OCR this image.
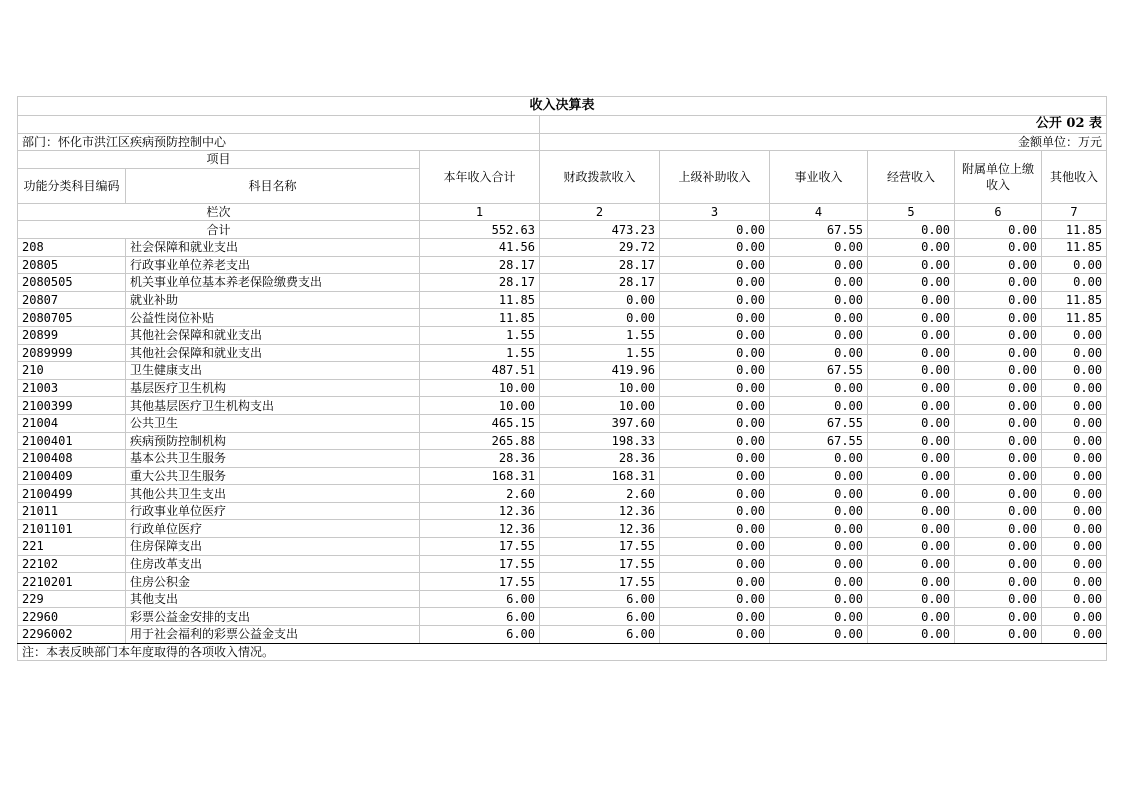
收入决算表								
			公开 02 表					
部门：怀化市洪江区疾病预防控制中心			金额单位：万元					
项目		本年收入合计	财政拨款收入	上级补助收入	事业收入	经营收入	附属单位上缴收入	其他收入
功能分类科目编码	科目名称							
栏次		1	2	3	4	5	6	7
合计		552.63	473.23	0.00	67.55	0.00	0.00	11.85
208	社会保障和就业支出	41.56	29.72	0.00	0.00	0.00	0.00	11.85
20805	行政事业单位养老支出	28.17	28.17	0.00	0.00	0.00	0.00	0.00
2080505	机关事业单位基本养老保险缴费支出	28.17	28.17	0.00	0.00	0.00	0.00	0.00
20807	就业补助	11.85	0.00	0.00	0.00	0.00	0.00	11.85
2080705	公益性岗位补贴	11.85	0.00	0.00	0.00	0.00	0.00	11.85
20899	其他社会保障和就业支出	1.55	1.55	0.00	0.00	0.00	0.00	0.00
2089999	其他社会保障和就业支出	1.55	1.55	0.00	0.00	0.00	0.00	0.00
210	卫生健康支出	487.51	419.96	0.00	67.55	0.00	0.00	0.00
21003	基层医疗卫生机构	10.00	10.00	0.00	0.00	0.00	0.00	0.00
2100399	其他基层医疗卫生机构支出	10.00	10.00	0.00	0.00	0.00	0.00	0.00
21004	公共卫生	465.15	397.60	0.00	67.55	0.00	0.00	0.00
2100401	疾病预防控制机构	265.88	198.33	0.00	67.55	0.00	0.00	0.00
2100408	基本公共卫生服务	28.36	28.36	0.00	0.00	0.00	0.00	0.00
2100409	重大公共卫生服务	168.31	168.31	0.00	0.00	0.00	0.00	0.00
2100499	其他公共卫生支出	2.60	2.60	0.00	0.00	0.00	0.00	0.00
21011	行政事业单位医疗	12.36	12.36	0.00	0.00	0.00	0.00	0.00
2101101	行政单位医疗	12.36	12.36	0.00	0.00	0.00	0.00	0.00
221	住房保障支出	17.55	17.55	0.00	0.00	0.00	0.00	0.00
22102	住房改革支出	17.55	17.55	0.00	0.00	0.00	0.00	0.00
2210201	住房公积金	17.55	17.55	0.00	0.00	0.00	0.00	0.00
229	其他支出	6.00	6.00	0.00	0.00	0.00	0.00	0.00
22960	彩票公益金安排的支出	6.00	6.00	0.00	0.00	0.00	0.00	0.00
2296002	用于社会福利的彩票公益金支出	6.00	6.00	0.00	0.00	0.00	0.00	0.00
注：本表反映部门本年度取得的各项收入情况。								
